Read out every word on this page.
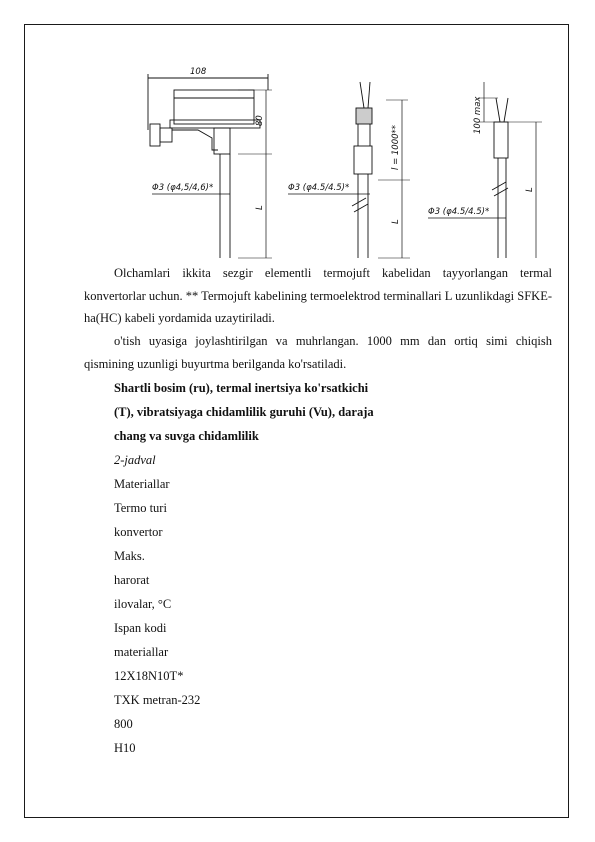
108
80
L
Φ3 (φ4,5/4,6)*	Φ3 (φ4.5/4.5)*
l = 1000**
L
100 max
L
Φ3 (φ4.5/4.5)*

Olchamlari ikkita sezgir elementli termojuft kabelidan tayyorlangan termal konvertorlar uchun. ** Termojuft kabelining termoelektrod terminallari L uzunlikdagi SFKE-ha(HC) kabeli yordamida uzaytiriladi.

o'tish uyasiga joylashtirilgan va muhrlangan. 1000 mm dan ortiq simi chiqish qismining uzunligi buyurtma berilganda ko'rsatiladi.

Shartli bosim (ru), termal inertsiya ko'rsatkichi
(T), vibratsiyaga chidamlilik guruhi (Vu), daraja
chang va suvga chidamlilik
2-jadval
Materiallar
Termo turi
konvertor
Maks.
harorat
ilovalar, °C
Ispan kodi
materiallar
12X18N10T*
TXK metran-232
800
H10
